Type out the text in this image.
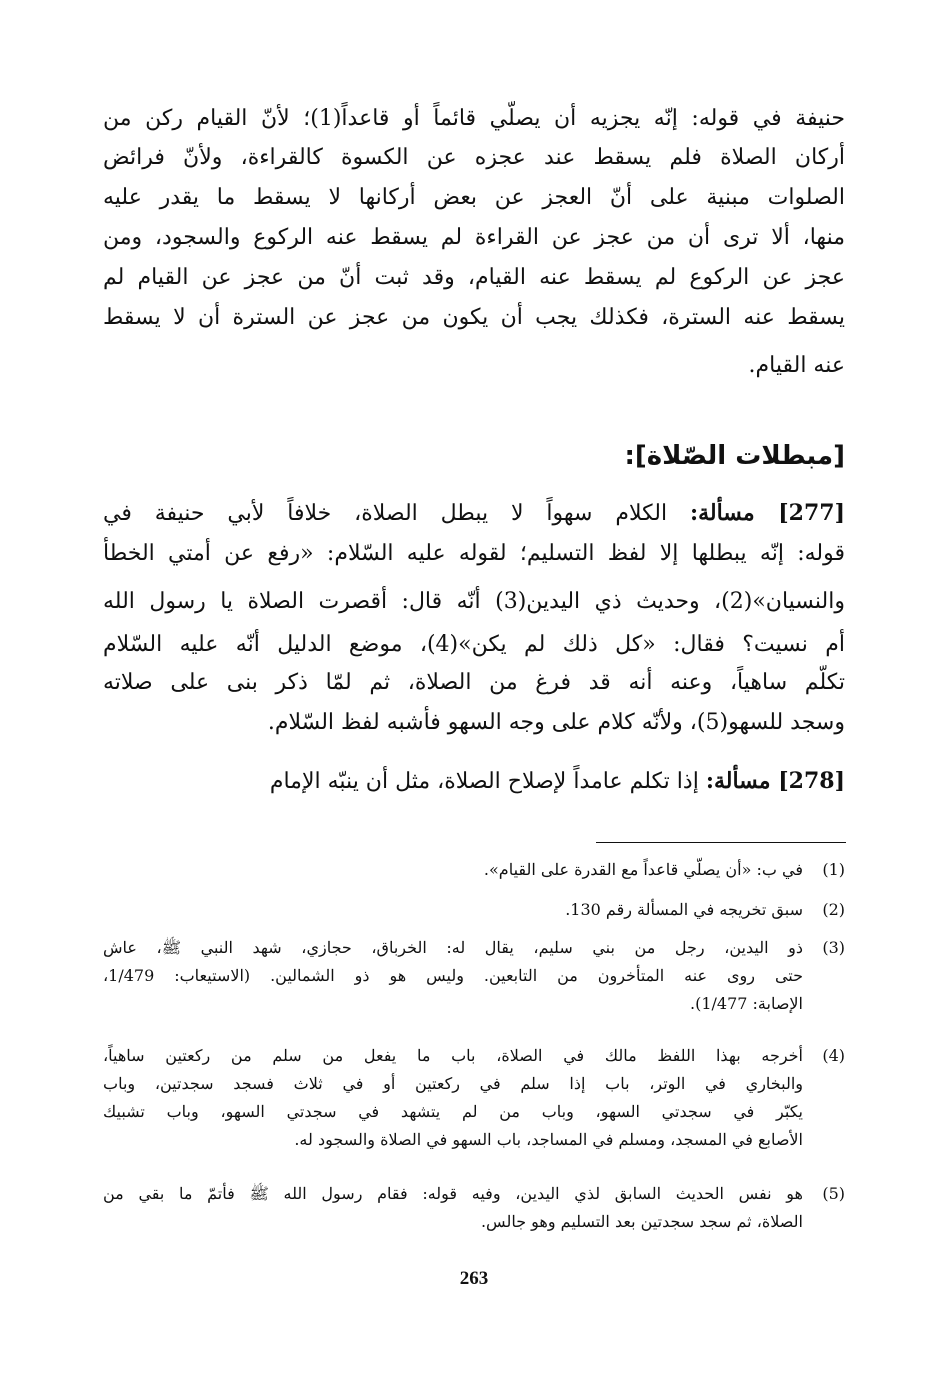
حنيفة في قوله: إنّه يجزيه أن يصلّي قائماً أو قاعداً(1)؛ لأنّ القيام ركن من
أركان الصلاة فلم يسقط عند عجزه عن الكسوة كالقراءة، ولأنّ فرائض
الصلوات مبنية على أنّ العجز عن بعض أركانها لا يسقط ما يقدر عليه
منها، ألا ترى أن من عجز عن القراءة لم يسقط عنه الركوع والسجود، ومن
عجز عن الركوع لم يسقط عنه القيام، وقد ثبت أنّ من عجز عن القيام لم
يسقط عنه السترة، فكذلك يجب أن يكون من عجز عن السترة أن لا يسقط
عنه القيام.
[مبطلات الصّلاة]:
[277] مسألة: الكلام سهواً لا يبطل الصلاة، خلافاً لأبي حنيفة في
قوله: إنّه يبطلها إلا لفظ التسليم؛ لقوله عليه السّلام: «رفع عن أمتي الخطأ
والنسيان»(2)، وحديث ذي اليدين(3) أنّه قال: أقصرت الصلاة يا رسول الله
أم نسيت؟ فقال: «كل ذلك لم يكن»(4)، موضع الدليل أنّه عليه السّلام
تكلّم ساهياً، وعنه أنه قد فرغ من الصلاة، ثم لمّا ذكر بنى على صلاته
وسجد للسهو(5)، ولأنّه كلام على وجه السهو فأشبه لفظ السّلام.
[278] مسألة: إذا تكلم عامداً لإصلاح الصلاة، مثل أن ينبّه الإمام
(1)
في ب: «أن يصلّي قاعداً مع القدرة على القيام».
(2)
سبق تخريجه في المسألة رقم 130.
(3)
ذو اليدين، رجل من بني سليم، يقال له: الخرباق، حجازي، شهد النبي ﷺ، عاش
حتى روى عنه المتأخرون من التابعين. وليس هو ذو الشمالين. (الاستيعاب: 1/479،
الإصابة: 1/477).
(4)
أخرجه بهذا اللفظ مالك في الصلاة، باب ما يفعل من سلم من ركعتين ساهياً،
والبخاري في الوتر، باب إذا سلم في ركعتين أو في ثلاث فسجد سجدتين، وباب
يكبّر في سجدتي السهو، وباب من لم يتشهد في سجدتي السهو، وباب تشبيك
الأصابع في المسجد، ومسلم في المساجد، باب السهو في الصلاة والسجود له.
(5)
هو نفس الحديث السابق لذي اليدين، وفيه قوله: فقام رسول الله ﷺ فأتمّ ما بقي من
الصلاة، ثم سجد سجدتين بعد التسليم وهو جالس.
263
